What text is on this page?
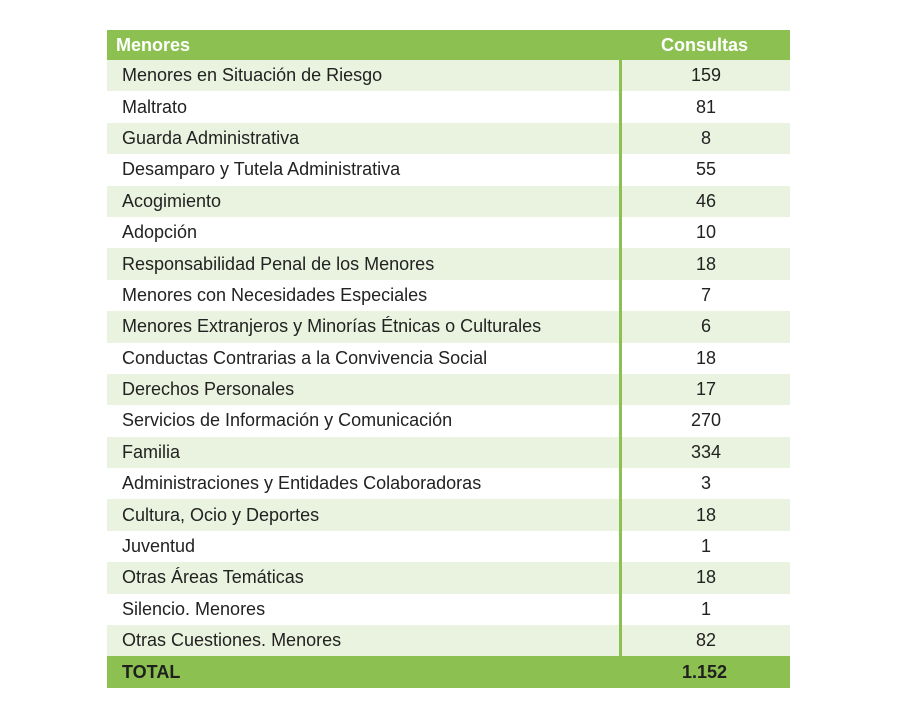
Menores	Consultas
Menores en Situación de Riesgo	159
Maltrato	81
Guarda Administrativa	8
Desamparo y Tutela Administrativa	55
Acogimiento	46
Adopción	10
Responsabilidad Penal de los Menores	18
Menores con Necesidades Especiales	7
Menores Extranjeros y Minorías Étnicas o Culturales	6
Conductas Contrarias a la Convivencia Social	18
Derechos Personales	17
Servicios de Información y Comunicación	270
Familia	334
Administraciones y Entidades Colaboradoras	3
Cultura, Ocio y Deportes	18
Juventud	1
Otras Áreas Temáticas	18
Silencio. Menores	1
Otras Cuestiones. Menores	82
TOTAL	1.152
